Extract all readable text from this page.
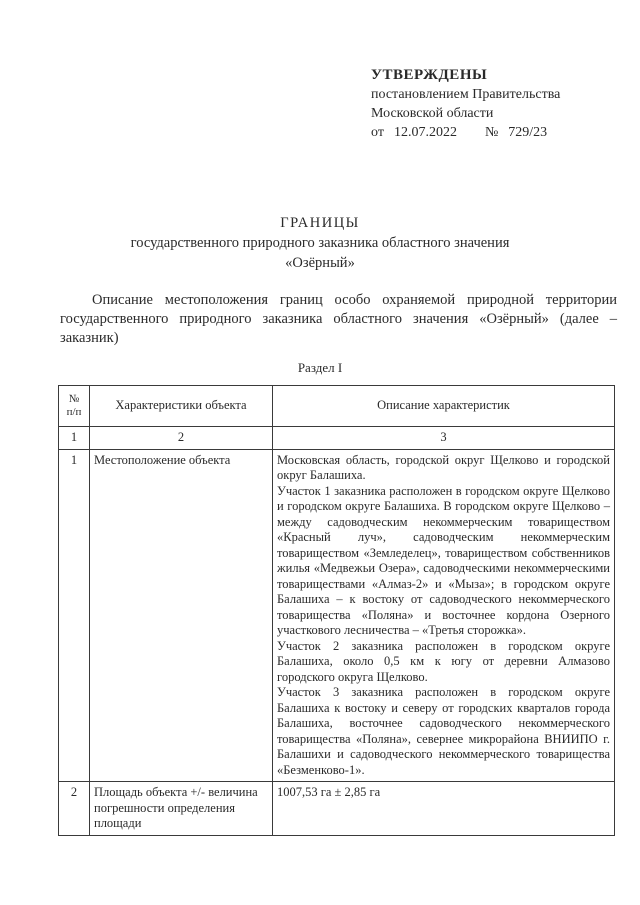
УТВЕРЖДЕНЫ
постановлением Правительства
Московской области
от 12.07.2022 № 729/23
ГРАНИЦЫ
государственного природного заказника областного значения
«Озёрный»
Описание местоположения границ особо охраняемой природной территории государственного природного заказника областного значения «Озёрный» (далее – заказник)
Раздел I
№ п/п	Характеристики объекта	Описание характеристик
1	2	3
1	Местоположение объекта	Московская область, городской округ Щелково и городской округ Балашиха.
Участок 1 заказника расположен в городском округе Щелково и городском округе Балашиха. В городском округе Щелково – между садоводческим некоммерческим товариществом «Красный луч», садоводческим некоммерческим товариществом «Земледелец», товариществом собственников жилья «Медвежьи Озера», садоводческими некоммерческими товариществами «Алмаз-2» и «Мыза»; в городском округе Балашиха – к востоку от садоводческого некоммерческого товарищества «Поляна» и восточнее кордона Озерного участкового лесничества – «Третья сторожка».
Участок 2 заказника расположен в городском округе Балашиха, около 0,5 км к югу от деревни Алмазово городского округа Щелково.
Участок 3 заказника расположен в городском округе Балашиха к востоку и северу от городских кварталов города Балашиха, восточнее садоводческого некоммерческого товарищества «Поляна», севернее микрорайона ВНИИПО г. Балашихи и садоводческого некоммерческого товарищества «Безменково-1».

2	Площадь объекта +/- величина погрешности определения площади	1007,53 га ± 2,85 га
